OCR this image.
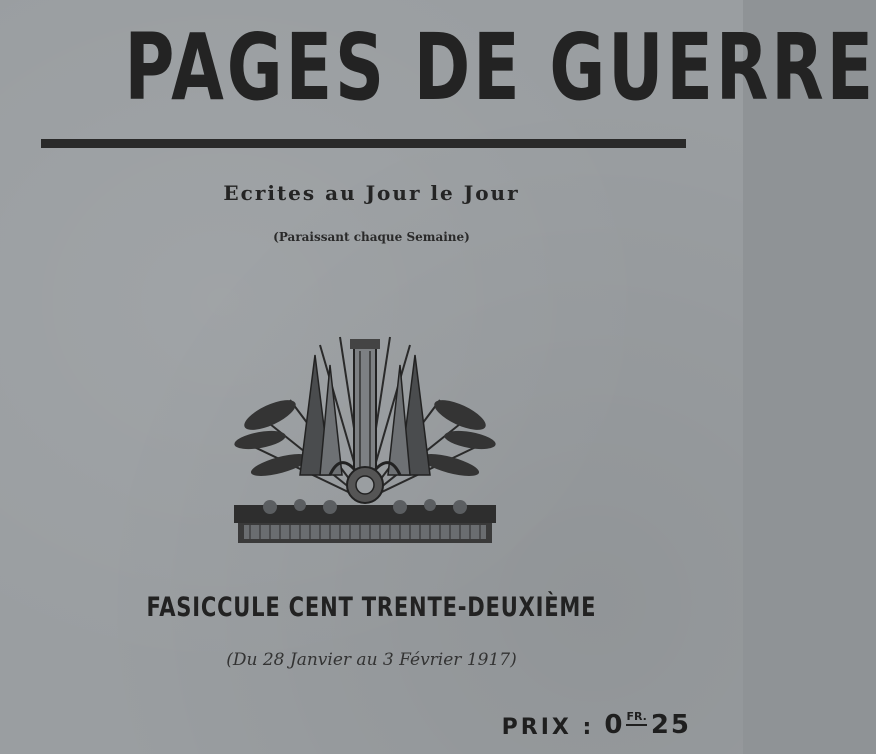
PAGES DE GUERRE
Ecrites au Jour le Jour
(Paraissant chaque Semaine)
FASICCULE CENT TRENTE-DEUXIÈME
(Du 28 Janvier au 3 Février 1917)
PRIX : 0 FR. 25
